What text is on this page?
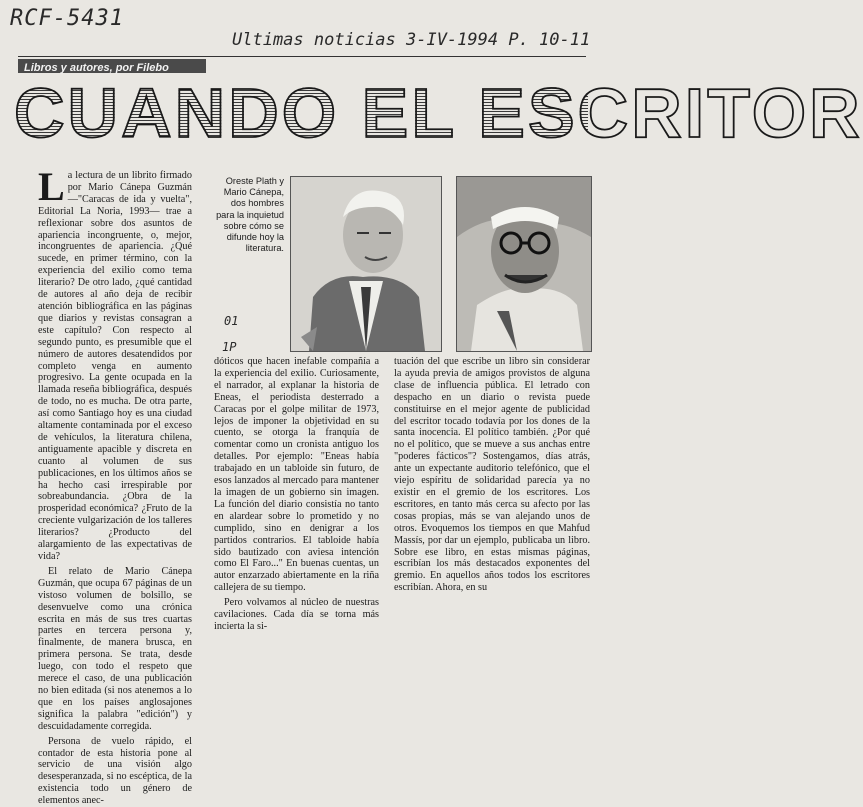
RCF-5431
Ultimas noticias 3-IV-1994 P. 10-11
Libros y autores, por Filebo
CUANDO EL ESCRITOR

La lectura de un librito firmado por Mario Cánepa Guzmán —"Caracas de ida y vuelta", Editorial La Noria, 1993— trae a reflexionar sobre dos asuntos de apariencia incongruente, o, mejor, incongruentes de apariencia. ¿Qué sucede, en primer término, con la experiencia del exilio como tema literario? De otro lado, ¿qué cantidad de autores al año deja de recibir atención bibliográfica en las páginas que diarios y revistas consagran a este capítulo? Con respecto al segundo punto, es presumible que el número de autores desatendidos por completo venga en aumento progresivo. La gente ocupada en la llamada reseña bibliográfica, después de todo, no es mucha. De otra parte, así como Santiago hoy es una ciudad altamente contaminada por el exceso de vehículos, la literatura chilena, antiguamente apacible y discreta en cuanto al volumen de sus publicaciones, en los últimos años se ha hecho casi irrespirable por sobreabundancia. ¿Obra de la prosperidad económica? ¿Fruto de la creciente vulgarización de los talleres literarios? ¿Producto del alargamiento de las expectativas de vida?

El relato de Mario Cánepa Guzmán, que ocupa 67 páginas de un vistoso volumen de bolsillo, se desenvuelve como una crónica escrita en más de sus tres cuartas partes en tercera persona y, finalmente, de manera brusca, en primera persona. Se trata, desde luego, con todo el respeto que merece el caso, de una publicación no bien editada (si nos atenemos a lo que en los países anglosajones significa la palabra "edición") y descuidadamente corregida.

Persona de vuelo rápido, el contador de esta historia pone al servicio de una visión algo desesperanzada, si no escéptica, de la existencia todo un género de elementos anec-

Oreste Plath y Mario Cánepa, dos hombres para la inquietud sobre cómo se difunde hoy la literatura.
01
1P

dóticos que hacen inefable compañía a la experiencia del exilio. Curiosamente, el narrador, al explanar la historia de Eneas, el periodista desterrado a Caracas por el golpe militar de 1973, lejos de imponer la objetividad en su cuento, se otorga la franquía de comentar como un cronista antiguo los detalles. Por ejemplo: "Eneas había trabajado en un tabloide sin futuro, de esos lanzados al mercado para mantener la imagen de un gobierno sin imagen. La función del diario consistía no tanto en alardear sobre lo prometido y no cumplido, sino en denigrar a los partidos contrarios. El tabloide había sido bautizado con aviesa intención como El Faro..." En buenas cuentas, un autor enzarzado abiertamente en la riña callejera de su tiempo.

Pero volvamos al núcleo de nuestras cavilaciones. Cada día se torna más incierta la si-

tuación del que escribe un libro sin considerar la ayuda previa de amigos provistos de alguna clase de influencia pública. El letrado con despacho en un diario o revista puede constituirse en el mejor agente de publicidad del escritor tocado todavía por los dones de la santa inocencia. El político también. ¿Por qué no el político, que se mueve a sus anchas entre "poderes fácticos"? Sostengamos, días atrás, ante un expectante auditorio telefónico, que el viejo espíritu de solidaridad parecía ya no existir en el gremio de los escritores. Los escritores, en tanto más cerca su afecto por las cosas propias, más se van alejando unos de otros. Evoquemos los tiempos en que Mahfud Massís, por dar un ejemplo, publicaba un libro. Sobre ese libro, en estas mismas páginas, escribían los más destacados exponentes del gremio. En aquellos años todos los escritores escribían. Ahora, en su
